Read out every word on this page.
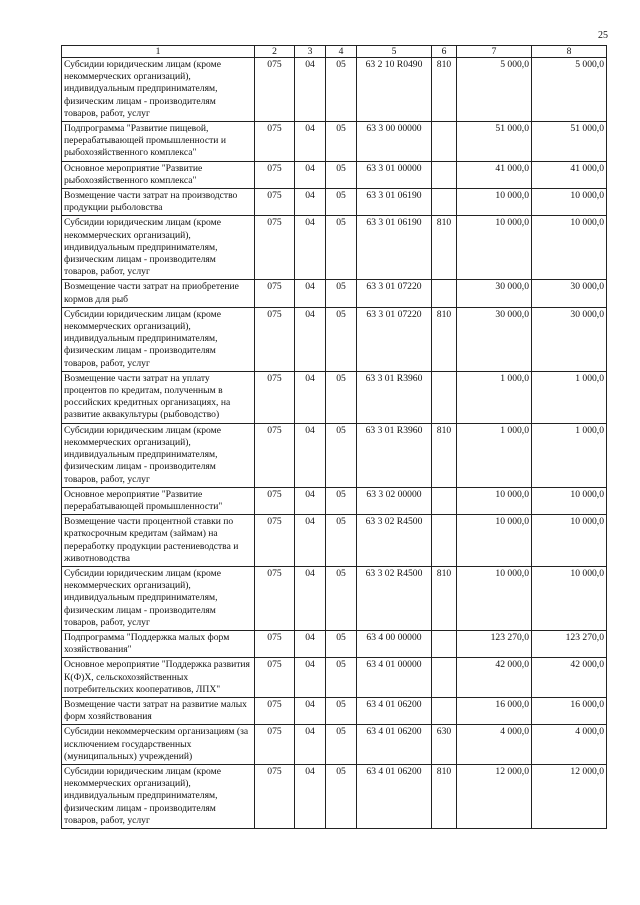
25
1	2	3	4	5	6	7	8
Субсидии юридическим лицам (кроме некоммерческих организаций), индивидуальным предпринимателям, физическим лицам - производителям товаров, работ, услуг	075	04	05	63 2 10 R0490	810	5 000,0	5 000,0
Подпрограмма "Развитие пищевой, перерабатывающей промышленности и рыбохозяйственного комплекса"	075	04	05	63 3 00 00000		51 000,0	51 000,0
Основное мероприятие "Развитие рыбохозяйственного комплекса"	075	04	05	63 3 01 00000		41 000,0	41 000,0
Возмещение части затрат на производство продукции рыболовства	075	04	05	63 3 01 06190		10 000,0	10 000,0
Субсидии юридическим лицам (кроме некоммерческих организаций), индивидуальным предпринимателям, физическим лицам - производителям товаров, работ, услуг	075	04	05	63 3 01 06190	810	10 000,0	10 000,0
Возмещение части затрат на приобретение кормов для рыб	075	04	05	63 3 01 07220		30 000,0	30 000,0
Субсидии юридическим лицам (кроме некоммерческих организаций), индивидуальным предпринимателям, физическим лицам - производителям товаров, работ, услуг	075	04	05	63 3 01 07220	810	30 000,0	30 000,0
Возмещение части затрат на уплату процентов по кредитам, полученным в российских кредитных организациях, на развитие аквакультуры (рыбоводство)	075	04	05	63 3 01 R3960		1 000,0	1 000,0
Субсидии юридическим лицам (кроме некоммерческих организаций), индивидуальным предпринимателям, физическим лицам - производителям товаров, работ, услуг	075	04	05	63 3 01 R3960	810	1 000,0	1 000,0
Основное мероприятие "Развитие перерабатывающей промышленности"	075	04	05	63 3 02 00000		10 000,0	10 000,0
Возмещение части процентной ставки по краткосрочным кредитам (займам) на переработку продукции растениеводства и животноводства	075	04	05	63 3 02 R4500		10 000,0	10 000,0
Субсидии юридическим лицам (кроме некоммерческих организаций), индивидуальным предпринимателям, физическим лицам - производителям товаров, работ, услуг	075	04	05	63 3 02 R4500	810	10 000,0	10 000,0
Подпрограмма "Поддержка малых форм хозяйствования"	075	04	05	63 4 00 00000		123 270,0	123 270,0
Основное мероприятие "Поддержка развития К(Ф)Х, сельскохозяйственных потребительских кооперативов, ЛПХ"	075	04	05	63 4 01 00000		42 000,0	42 000,0
Возмещение части затрат на развитие малых форм хозяйствования	075	04	05	63 4 01 06200		16 000,0	16 000,0
Субсидии некоммерческим организациям (за исключением государственных (муниципальных) учреждений)	075	04	05	63 4 01 06200	630	4 000,0	4 000,0
Субсидии юридическим лицам (кроме некоммерческих организаций), индивидуальным предпринимателям, физическим лицам - производителям товаров, работ, услуг	075	04	05	63 4 01 06200	810	12 000,0	12 000,0
